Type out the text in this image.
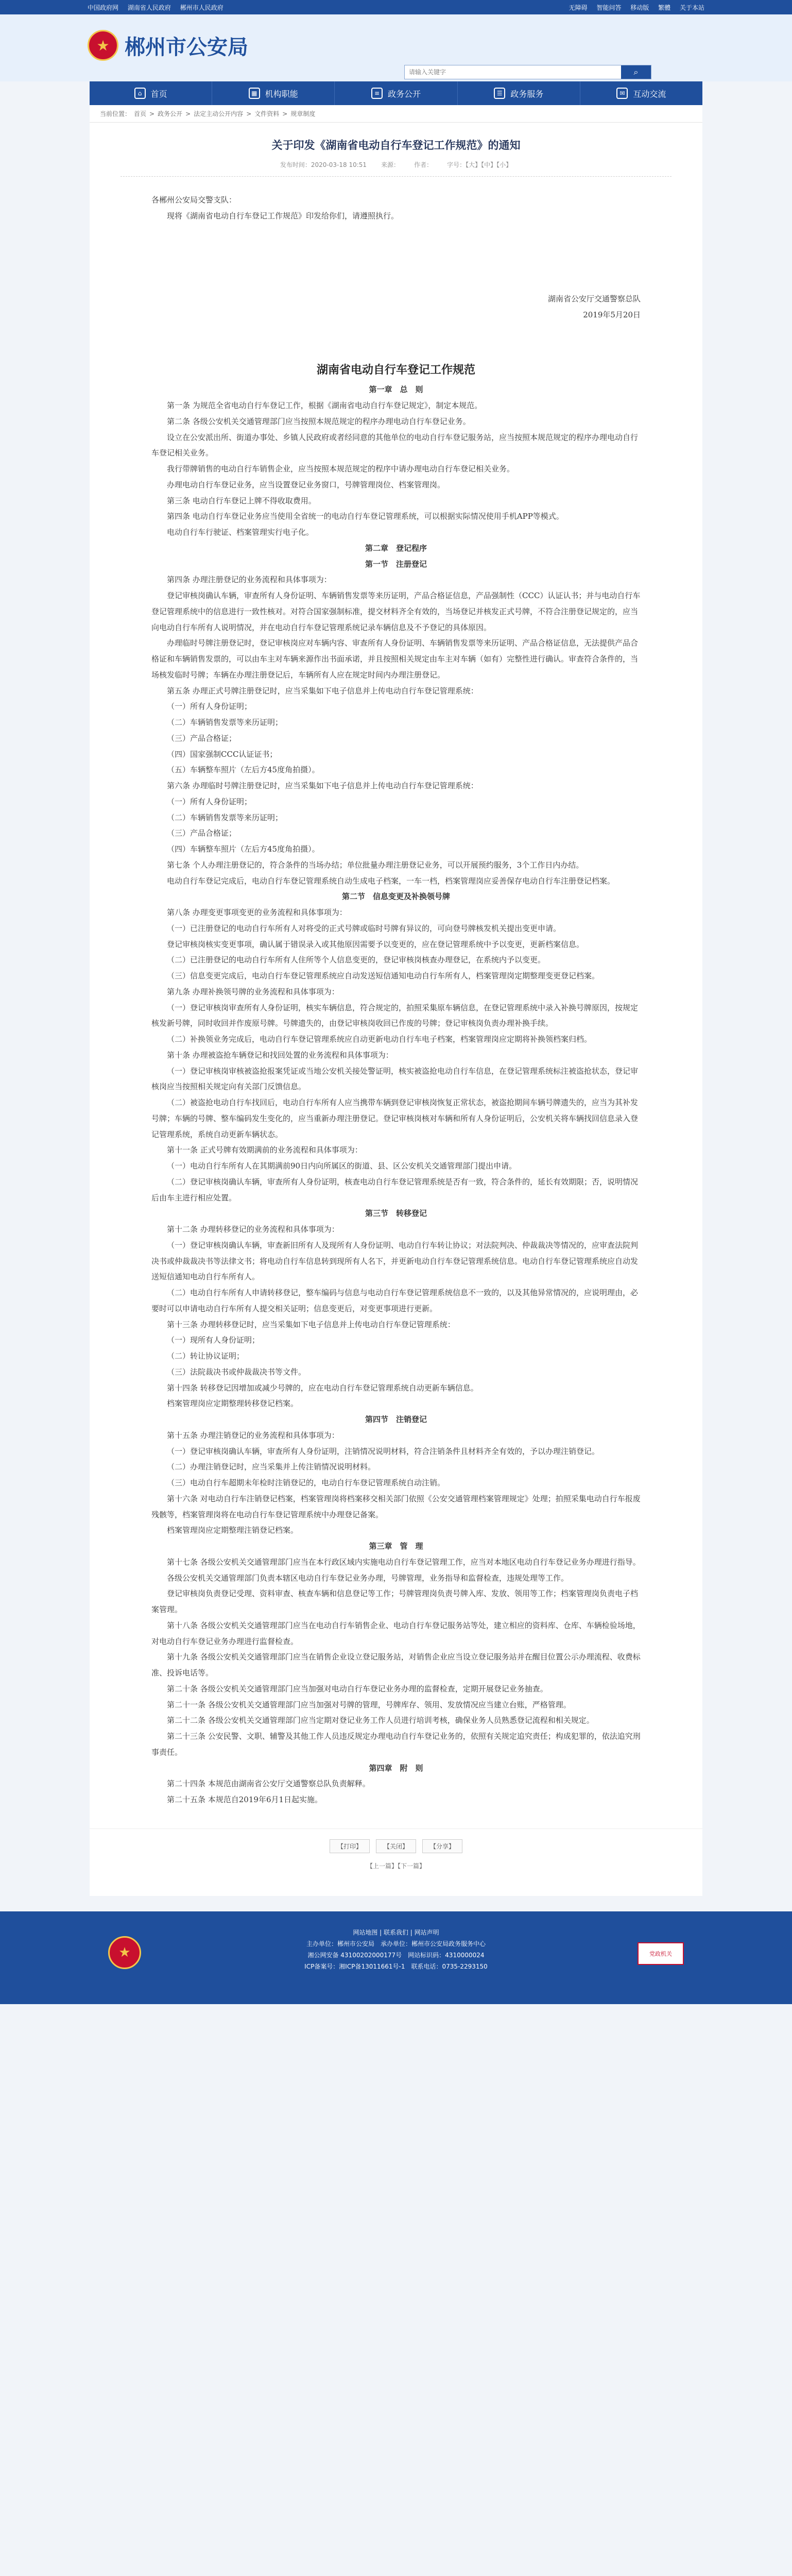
中国政府网 湖南省人民政府 郴州市人民政府	无障碍 智能问答 移动版 繁體 关于本站
★ 郴州市公安局
请输入关键字
⌕
⌂	首页	▦ 机构职能	≡ 政务公开	☰ 政务服务	✉ 互动交流
当前位置： 首页 > 政务公开 > 法定主动公开内容 > 文件资料 > 规章制度
关于印发《湖南省电动自行车登记工作规范》的通知
发布时间：2020-03-18 10:51 来源： 作者： 字号：【大】【中】【小】

各郴州公安局交警支队：

现将《湖南省电动自行车登记工作规范》印发给你们，请遵照执行。

湖南省公安厅交通警察总队

2019年5月20日

湖南省电动自行车登记工作规范

第一章　总　则

第一条 为规范全省电动自行车登记工作，根据《湖南省电动自行车登记规定》，制定本规范。

第二条 各级公安机关交通管理部门应当按照本规范规定的程序办理电动自行车登记业务。

设立在公安派出所、街道办事处、乡镇人民政府或者经同意的其他单位的电动自行车登记服务站，应当按照本规范规定的程序办理电动自行车登记相关业务。

我行带牌销售的电动自行车销售企业，应当按照本规范规定的程序中请办理电动自行车登记相关业务。

办理电动自行车登记业务，应当设置登记业务窗口，号牌管理岗位、档案管理岗。

第三条 电动自行车登记上牌不得收取费用。

第四条 电动自行车登记业务应当使用全省统一的电动自行车登记管理系统，可以根据实际情况使用手机APP等模式。

电动自行车行驶证、档案管理实行电子化。

第二章　登记程序

第一节　注册登记

第四条 办理注册登记的业务流程和具体事项为：

登记审核岗确认车辆，审查所有人身份证明、车辆销售发票等来历证明，产品合格证信息，产品强制性（CCC）认证认书；并与电动自行车登记管理系统中的信息进行一致性核对。对符合国家强制标准，提交材料齐全有效的，当场登记并核发正式号牌，不符合注册登记规定的，应当向电动自行车所有人说明情况，并在电动自行车登记管理系统记录车辆信息及不予登记的具体原因。

办理临时号牌注册登记时，登记审核岗应对车辆内容、审查所有人身份证明、车辆销售发票等来历证明、产品合格证信息，无法提供产品合格证和车辆销售发票的，可以由车主对车辆来源作出书面承诺，并且按照相关规定由车主对车辆（如有）完整性进行确认。审查符合条件的，当场核发临时号牌；车辆在办理注册登记后，车辆所有人应在规定时间内办理注册登记。

第五条 办理正式号牌注册登记时，应当采集如下电子信息并上传电动自行车登记管理系统：

（一）所有人身份证明；

（二）车辆销售发票等来历证明；

（三）产品合格证；

（四）国家强制CCC认证证书；

（五）车辆整车照片（左后方45度角拍摄）。

第六条 办理临时号牌注册登记时，应当采集如下电子信息并上传电动自行车登记管理系统：

（一）所有人身份证明；

（二）车辆销售发票等来历证明；

（三）产品合格证；

（四）车辆整车照片（左后方45度角拍摄）。

第七条 个人办理注册登记的，符合条件的当场办结；单位批量办理注册登记业务，可以开展预约服务，3个工作日内办结。

电动自行车登记完成后，电动自行车登记管理系统自动生成电子档案，一车一档，档案管理岗应妥善保存电动自行车注册登记档案。

第二节　信息变更及补换领号牌

第八条 办理变更事项变更的业务流程和具体事项为：

（一）已注册登记的电动自行车所有人对将受的正式号牌或临时号牌有异议的，可向登号牌核发机关提出变更申请。

登记审核岗核实变更事项，确认属于错误录入或其他原因需要予以变更的，应在登记管理系统中予以变更，更新档案信息。

（二）已注册登记的电动自行车所有人住所等个人信息变更的，登记审核岗核查办理登记，在系统内予以变更。

（三）信息变更完成后，电动自行车登记管理系统应自动发送短信通知电动自行车所有人，档案管理岗定期整理变更登记档案。

第九条 办理补换领号牌的业务流程和具体事项为：

（一）登记审核岗审查所有人身份证明，核实车辆信息，符合规定的，拍照采集原车辆信息，在登记管理系统中录入补换号牌原因，按规定核发新号牌，同时收回并作废原号牌。号牌遗失的，由登记审核岗收回已作废的号牌；登记审核岗负责办理补换手续。

（二）补换领业务完成后，电动自行车登记管理系统应自动更新电动自行车电子档案，档案管理岗应定期将补换领档案归档。

第十条 办理被盗抢车辆登记和找回处置的业务流程和具体事项为：

（一）登记审核岗审核被盗抢报案凭证或当地公安机关接处警证明，核实被盗抢电动自行车信息，在登记管理系统标注被盗抢状态，登记审核岗应当按照相关规定向有关部门反馈信息。

（二）被盗抢电动自行车找回后，电动自行车所有人应当携带车辆到登记审核岗恢复正常状态，被盗抢期间车辆号牌遗失的，应当为其补发号牌；车辆的号牌、整车编码发生变化的，应当重新办理注册登记。登记审核岗核对车辆和所有人身份证明后，公安机关将车辆找回信息录入登记管理系统，系统自动更新车辆状态。

第十一条 正式号牌有效期满前的业务流程和具体事项为：

（一）电动自行车所有人在其期满前90日内向所属区的街道、县、区公安机关交通管理部门提出申请。

（二）登记审核岗确认车辆，审查所有人身份证明，核查电动自行车登记管理系统是否有一致，符合条件的，延长有效期限；否，说明情况后由车主进行相应处置。

第三节　转移登记

第十二条 办理转移登记的业务流程和具体事项为：

（一）登记审核岗确认车辆，审查新旧所有人及现所有人身份证明、电动自行车转让协议；对法院判决、仲裁裁决等情况的，应审查法院判决书或仲裁裁决书等法律文书；将电动自行车信息转到现所有人名下，并更新电动自行车登记管理系统信息。电动自行车登记管理系统应自动发送短信通知电动自行车所有人。

（二）电动自行车所有人申请转移登记，整车编码与信息与电动自行车登记管理系统信息不一致的，以及其他异常情况的，应说明理由，必要时可以申请电动自行车所有人提交相关证明；信息变更后，对变更事项进行更新。

第十三条 办理转移登记时，应当采集如下电子信息并上传电动自行车登记管理系统：

（一）现所有人身份证明；

（二）转让协议证明；

（三）法院裁决书或仲裁裁决书等文件。

第十四条 转移登记因增加或减少号牌的，应在电动自行车登记管理系统自动更新车辆信息。

档案管理岗应定期整理转移登记档案。

第四节　注销登记

第十五条 办理注销登记的业务流程和具体事项为：

（一）登记审核岗确认车辆，审查所有人身份证明，注销情况说明材料，符合注销条件且材料齐全有效的，予以办理注销登记。

（二）办理注销登记时，应当采集并上传注销情况说明材料。

（三）电动自行车超期未年检时注销登记的，电动自行车登记管理系统自动注销。

第十六条 对电动自行车注销登记档案，档案管理岗将档案移交相关部门依照《公安交通管理档案管理规定》处理；拍照采集电动自行车报废残骸等，档案管理岗将在电动自行车登记管理系统中办理登记备案。

档案管理岗应定期整理注销登记档案。

第三章　管　理

第十七条 各级公安机关交通管理部门应当在本行政区域内实施电动自行车登记管理工作，应当对本地区电动自行车登记业务办理进行指导。

各级公安机关交通管理部门负责本辖区电动自行车登记业务办理，号牌管理，业务指导和监督检查，违规处理等工作。

登记审核岗负责登记受理、资料审查、核查车辆和信息登记等工作；号牌管理岗负责号牌入库、发放、领用等工作；档案管理岗负责电子档案管理。

第十八条 各级公安机关交通管理部门应当在电动自行车销售企业、电动自行车登记服务站等处，建立相应的资料库、仓库、车辆检验场地，对电动自行车登记业务办理进行监督检查。

第十九条 各级公安机关交通管理部门应当在销售企业设立登记服务站，对销售企业应当设立登记服务站并在醒目位置公示办理流程、收费标准、投诉电话等。

第二十条 各级公安机关交通管理部门应当加强对电动自行车登记业务办理的监督检查，定期开展登记业务抽查。

第二十一条 各级公安机关交通管理部门应当加强对号牌的管理，号牌库存、领用、发放情况应当建立台账，严格管理。

第二十二条 各级公安机关交通管理部门应当定期对登记业务工作人员进行培训考核，确保业务人员熟悉登记流程和相关规定。

第二十三条 公安民警、文职、辅警及其他工作人员违反规定办理电动自行车登记业务的，依照有关规定追究责任；构成犯罪的，依法追究刑事责任。

第四章　附　则

第二十四条 本规范由湖南省公安厅交通警察总队负责解释。

第二十五条 本规范自2019年6月1日起实施。

【打印】	【关闭】	【分享】
【上一篇】【下一篇】
★
网站地图 | 联系我们 | 网站声明
主办单位：郴州市公安局　承办单位：郴州市公安局政务服务中心
湘公网安备 43100202000177号　网站标识码：4310000024
ICP备案号：湘ICP备13011661号-1　联系电话：0735-2293150
党政机关
